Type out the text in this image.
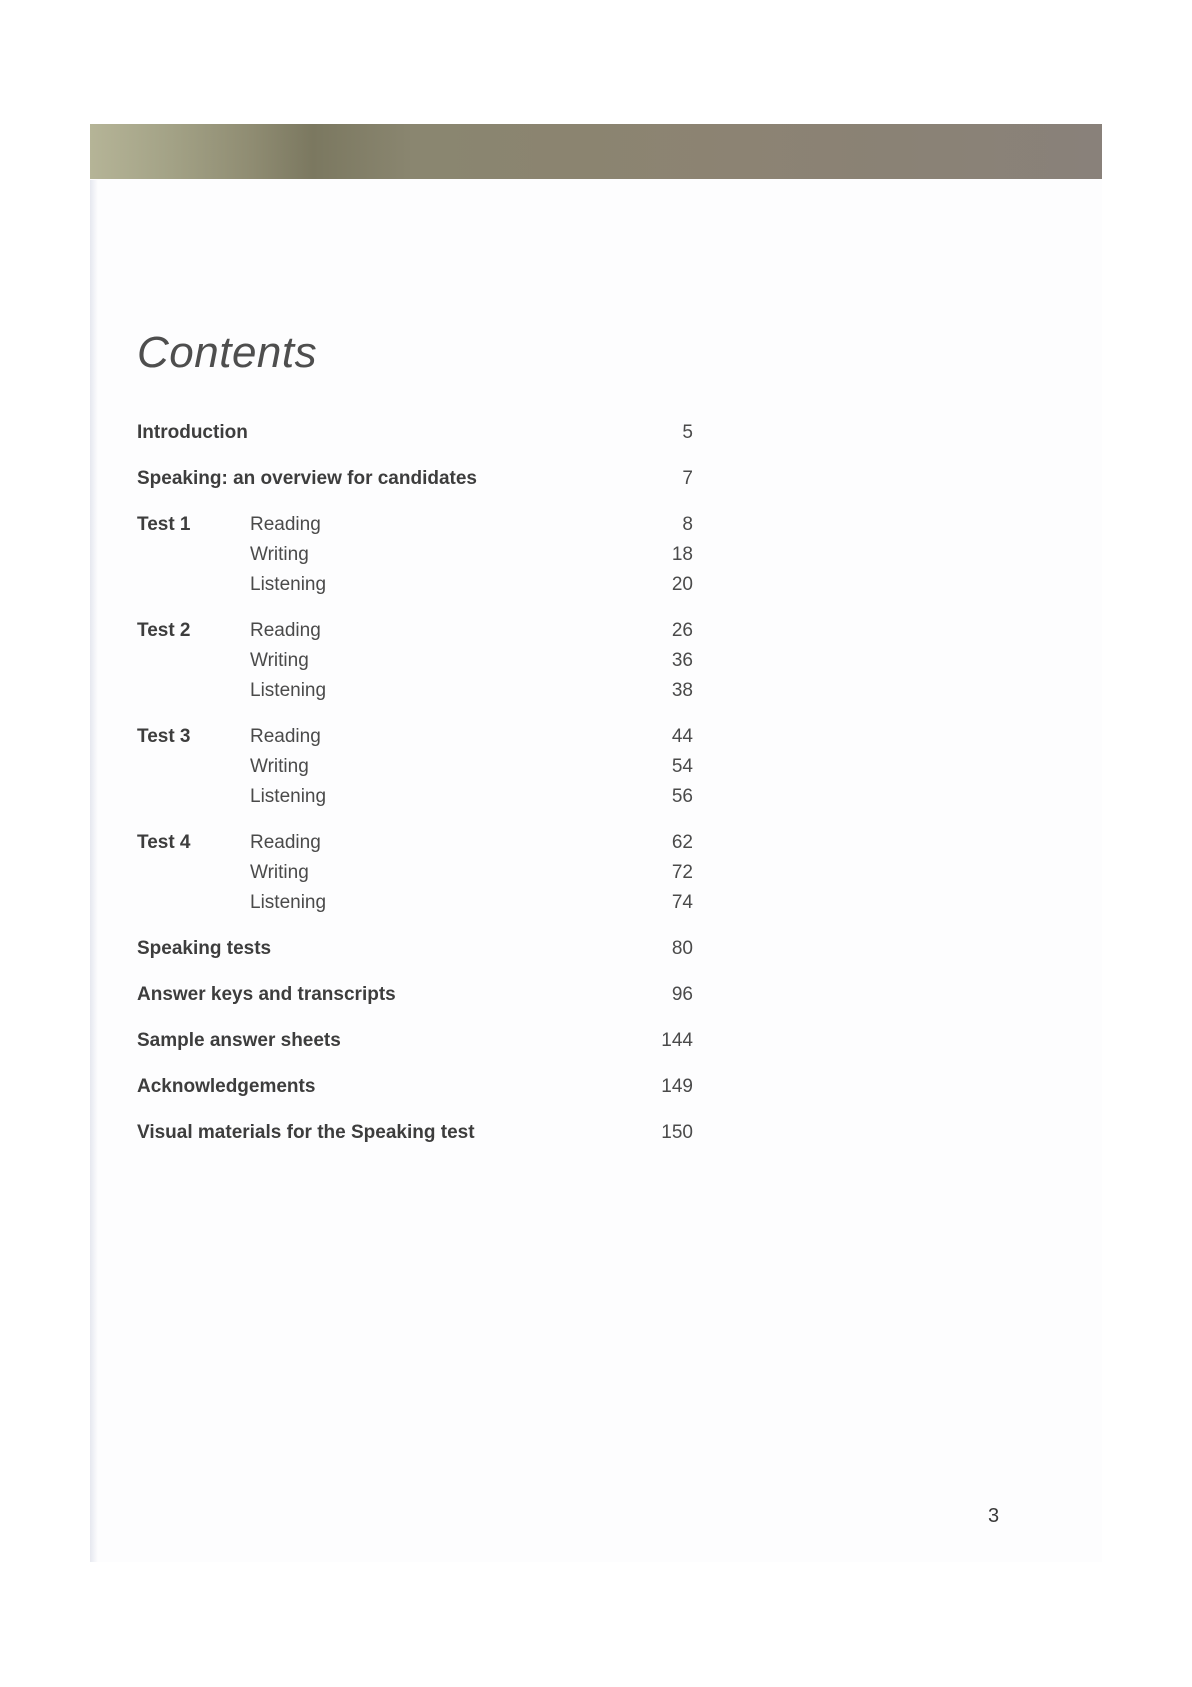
Contents
Introduction	5
Speaking: an overview for candidates	7
Test 1	Reading	8
Writing	18
Listening	20
Test 2	Reading	26
Writing	36
Listening	38
Test 3	Reading	44
Writing	54
Listening	56
Test 4	Reading	62
Writing	72
Listening	74
Speaking tests	80
Answer keys and transcripts	96
Sample answer sheets	144
Acknowledgements	149
Visual materials for the Speaking test	150
3
